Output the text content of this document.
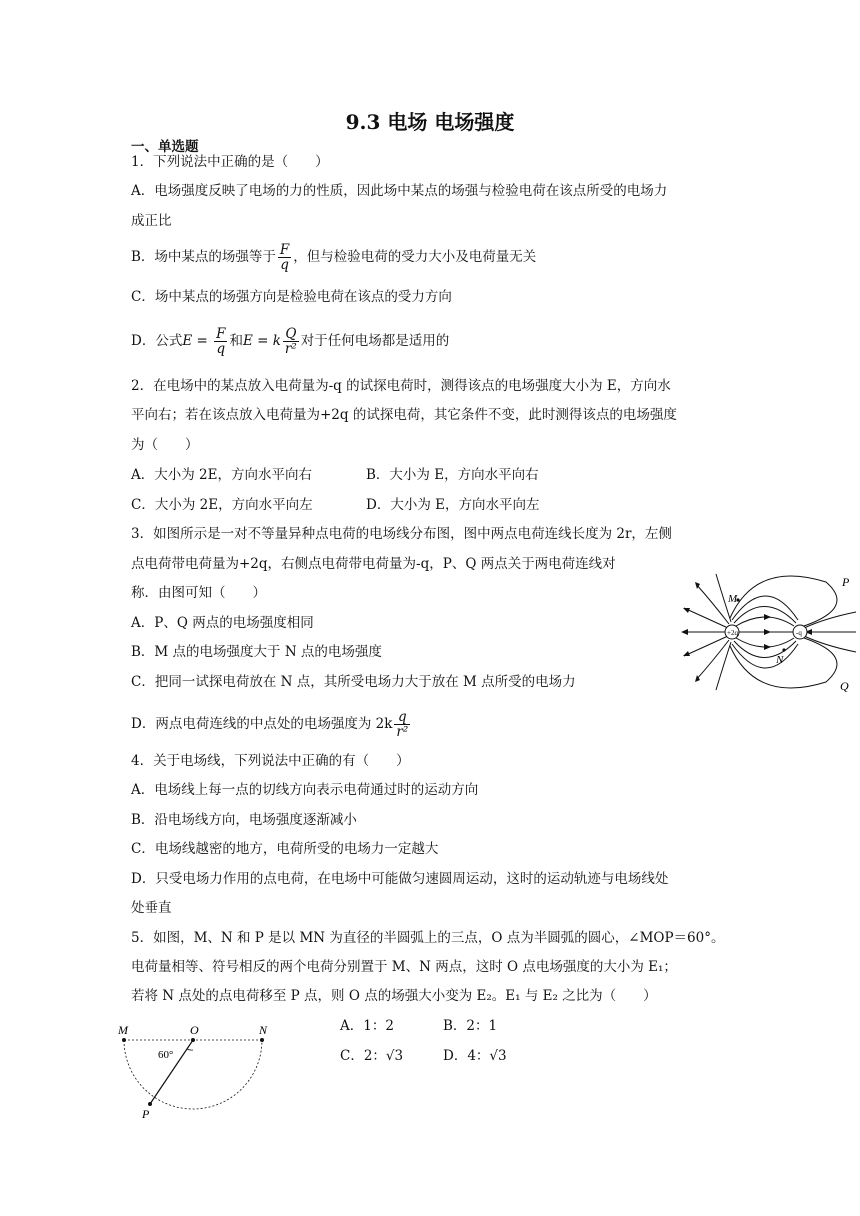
9.3 电场 电场强度
一、单选题
1．下列说法中正确的是（　　）
A．电场强度反映了电场的力的性质，因此场中某点的场强与检验电荷在该点所受的电场力
成正比
B．场中某点的场强等于 $\frac{F}{q}$ ，但与检验电荷的受力大小及电荷量无关
C．场中某点的场强方向是检验电荷在该点的受力方向
D．公式$E = \frac{F}{q}$ 和E = k $\frac{Q}{\text{r²}}$ 对于任何电场都是适用的
2．在电场中的某点放入电荷量为-q 的试探电荷时，测得该点的电场强度大小为 E，方向水
平向右；若在该点放入电荷量为+2q 的试探电荷，其它条件不变，此时测得该点的电场强度
为（　　）
A．大小为 2E，方向水平向右	B．大小为 E，方向水平向右
C．大小为 2E，方向水平向左	D．大小为 E，方向水平向左
3．如图所示是一对不等量异种点电荷的电场线分布图，图中两点电荷连线长度为 2r，左侧
点电荷带电荷量为+2q，右侧点电荷带电荷量为-q，P、Q 两点关于两电荷连线对
称．由图可知（　　）
A．P、Q 两点的电场强度相同
B．M 点的电场强度大于 N 点的电场强度
C．把同一试探电荷放在 N 点，其所受电场力大于放在 M 点所受的电场力
D．两点电荷连线的中点处的电场强度为 $2k \frac{q}{\text{r²}}$
+2q	-q
M
N
P
Q
4．关于电场线，下列说法中正确的有（　　）
A．电场线上每一点的切线方向表示电荷通过时的运动方向
B．沿电场线方向，电场强度逐渐减小
C．电场线越密的地方，电荷所受的电场力一定越大
D．只受电场力作用的点电荷，在电场中可能做匀速圆周运动，这时的运动轨迹与电场线处
处垂直
5．如图，M、N 和 P 是以 MN 为直径的半圆弧上的三点，O 点为半圆弧的圆心，∠MOP＝60°。
电荷量相等、符号相反的两个电荷分别置于 M、N 两点，这时 O 点电场强度的大小为 E₁；
若将 N 点处的点电荷移至 P 点，则 O 点的场强大小变为 E₂。E₁ 与 E₂ 之比为（　　）
A．1：2	B．2：1
C．2：√3	D．4：√3
M	O	N
60°
P
